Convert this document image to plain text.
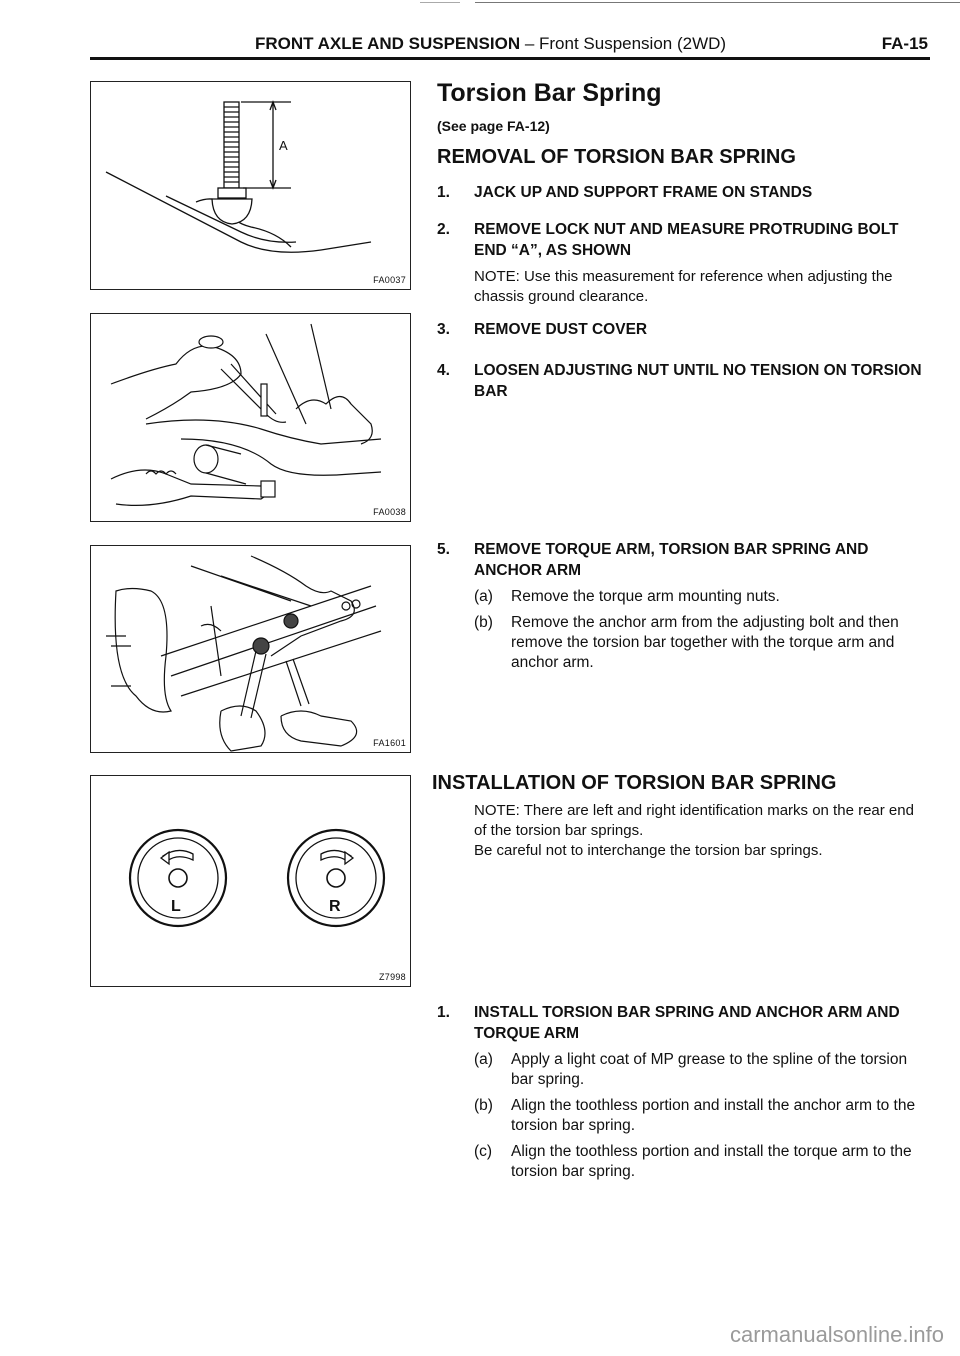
FRONT AXLE AND SUSPENSION – Front Suspension (2WD)	FA-15
A
FA0037
FA0038
FA1601
L	R
Z7998
Torsion Bar Spring
(See page FA-12)
REMOVAL OF TORSION BAR SPRING
1. JACK UP AND SUPPORT FRAME ON STANDS
2. REMOVE LOCK NUT AND MEASURE PROTRUDING BOLT END “A”, AS SHOWN
NOTE: Use this measurement for reference when adjusting the chassis ground clearance.
3. REMOVE DUST COVER
4. LOOSEN ADJUSTING NUT UNTIL NO TENSION ON TORSION BAR
5. REMOVE TORQUE ARM, TORSION BAR SPRING AND ANCHOR ARM
(a) Remove the torque arm mounting nuts.
(b) Remove the anchor arm from the adjusting bolt and then remove the torsion bar together with the torque arm and anchor arm.
INSTALLATION OF TORSION BAR SPRING
NOTE: There are left and right identification marks on the rear end of the torsion bar springs.
Be careful not to interchange the torsion bar springs.
1. INSTALL TORSION BAR SPRING AND ANCHOR ARM AND TORQUE ARM
(a) Apply a light coat of MP grease to the spline of the torsion bar spring.
(b) Align the toothless portion and install the anchor arm to the torsion bar spring.
(c) Align the toothless portion and install the torque arm to the torsion bar spring.
carmanualsonline.info
